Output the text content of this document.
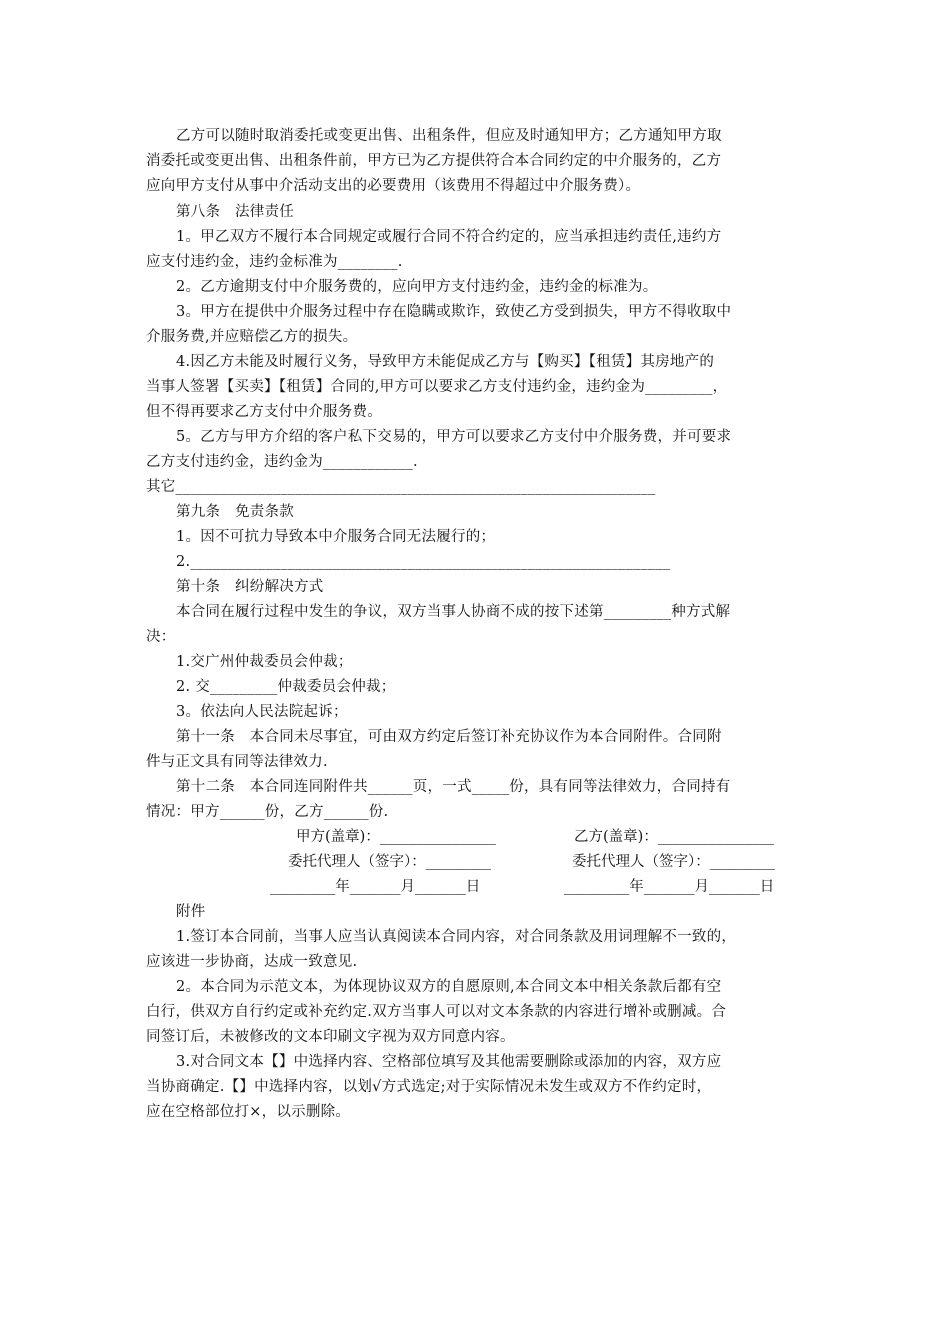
乙方可以随时取消委托或变更出售、出租条件，但应及时通知甲方；乙方通知甲方取
消委托或变更出售、出租条件前，甲方已为乙方提供符合本合同约定的中介服务的，乙方
应向甲方支付从事中介活动支出的必要费用（该费用不得超过中介服务费）。
第八条　法律责任
1。甲乙双方不履行本合同规定或履行合同不符合约定的，应当承担违约责任,违约方
应支付违约金，违约金标准为________.
2。乙方逾期支付中介服务费的，应向甲方支付违约金，违约金的标准为。
3。甲方在提供中介服务过程中存在隐瞒或欺诈，致使乙方受到损失，甲方不得收取中
介服务费,并应赔偿乙方的损失。
4.因乙方未能及时履行义务，导致甲方未能促成乙方与【购买】【租赁】其房地产的
当事人签署【买卖】【租赁】合同的,甲方可以要求乙方支付违约金，违约金为_________，
但不得再要求乙方支付中介服务费。
5。乙方与甲方介绍的客户私下交易的，甲方可以要求乙方支付中介服务费，并可要求
乙方支付违约金，违约金为____________.
其它________________________________________________________________
第九条　免责条款
1。因不可抗力导致本中介服务合同无法履行的；
2.________________________________________________________________
第十条　纠纷解决方式
本合同在履行过程中发生的争议，双方当事人协商不成的按下述第_________种方式解
决：
1.交广州仲裁委员会仲裁；
2. 交_________仲裁委员会仲裁；
3。依法向人民法院起诉；
第十一条　本合同未尽事宜，可由双方约定后签订补充协议作为本合同附件。合同附
件与正文具有同等法律效力.
第十二条　本合同连同附件共______页，一式_____份，具有同等法律效力，合同持有
情况：甲方______份，乙方______份.
甲方(盖章)：________________	乙方(盖章)：________________
委托代理人（签字）：_________	委托代理人（签字）：_________
_________年_______月_______日	_________年_______月_______日
附件
1.签订本合同前，当事人应当认真阅读本合同内容，对合同条款及用词理解不一致的，
应该进一步协商，达成一致意见.
2。本合同为示范文本，为体现协议双方的自愿原则,本合同文本中相关条款后都有空
白行，供双方自行约定或补充约定.双方当事人可以对文本条款的内容进行增补或删减。合
同签订后，未被修改的文本印刷文字视为双方同意内容。
3.对合同文本【】中选择内容、空格部位填写及其他需要删除或添加的内容，双方应
当协商确定.【】中选择内容，以划√方式选定;对于实际情况未发生或双方不作约定时，
应在空格部位打×，以示删除。
